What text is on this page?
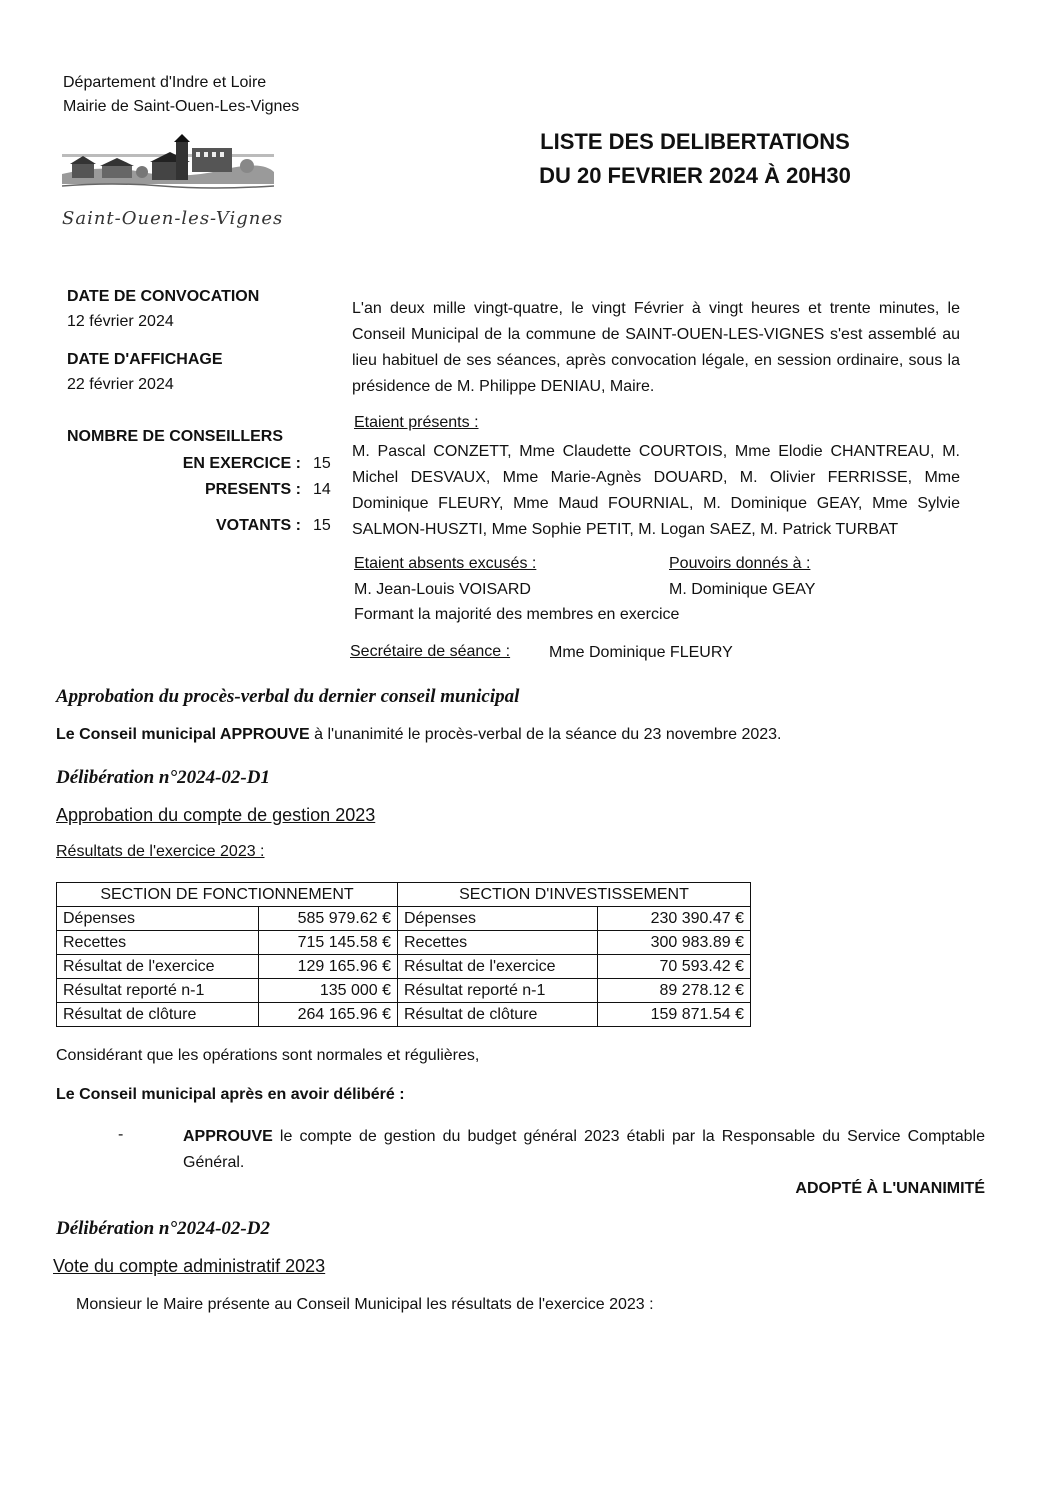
Département d'Indre et Loire
Mairie de Saint-Ouen-Les-Vignes
Saint-Ouen-les-Vignes
LISTE DES DELIBERTATIONS
DU 20 FEVRIER 2024 À 20H30
DATE DE CONVOCATION
12 février 2024
DATE D'AFFICHAGE
22 février 2024
NOMBRE DE CONSEILLERS
EN EXERCICE : 15
PRESENTS : 14
VOTANTS : 15
L'an deux mille vingt-quatre, le vingt Février à vingt heures et trente minutes, le Conseil Municipal de la commune de SAINT-OUEN-LES-VIGNES s'est assemblé au lieu habituel de ses séances, après convocation légale, en session ordinaire, sous la présidence de M. Philippe DENIAU, Maire.
Etaient présents :
M. Pascal CONZETT, Mme Claudette COURTOIS, Mme Elodie CHANTREAU, M. Michel DESVAUX, Mme Marie-Agnès DOUARD, M. Olivier FERRISSE, Mme Dominique FLEURY, Mme Maud FOURNIAL, M. Dominique GEAY, Mme Sylvie SALMON-HUSZTI, Mme Sophie PETIT, M. Logan SAEZ, M. Patrick TURBAT
Etaient absents excusés :	Pouvoirs donnés à :
M. Jean-Louis VOISARD	M. Dominique GEAY
Formant la majorité des membres en exercice
Secrétaire de séance : Mme Dominique FLEURY
Approbation du procès-verbal du dernier conseil municipal
Le Conseil municipal APPROUVE à l'unanimité le procès-verbal de la séance du 23 novembre 2023.
Délibération n°2024-02-D1
Approbation du compte de gestion 2023
Résultats de l'exercice 2023 :
SECTION DE FONCTIONNEMENT		SECTION D'INVESTISSEMENT	
Dépenses	585 979.62 €	Dépenses	230 390.47 €
Recettes	715 145.58 €	Recettes	300 983.89 €
Résultat de l'exercice	129 165.96 €	Résultat de l'exercice	70 593.42 €
Résultat reporté n-1	135 000 €	Résultat reporté n-1	89 278.12 €
Résultat de clôture	264 165.96 €	Résultat de clôture	159 871.54 €
Considérant que les opérations sont normales et régulières,
Le Conseil municipal après en avoir délibéré :
-	APPROUVE le compte de gestion du budget général 2023 établi par la Responsable du Service Comptable Général.
ADOPTÉ À L'UNANIMITÉ
Délibération n°2024-02-D2
Vote du compte administratif 2023
Monsieur le Maire présente au Conseil Municipal les résultats de l'exercice 2023 :
